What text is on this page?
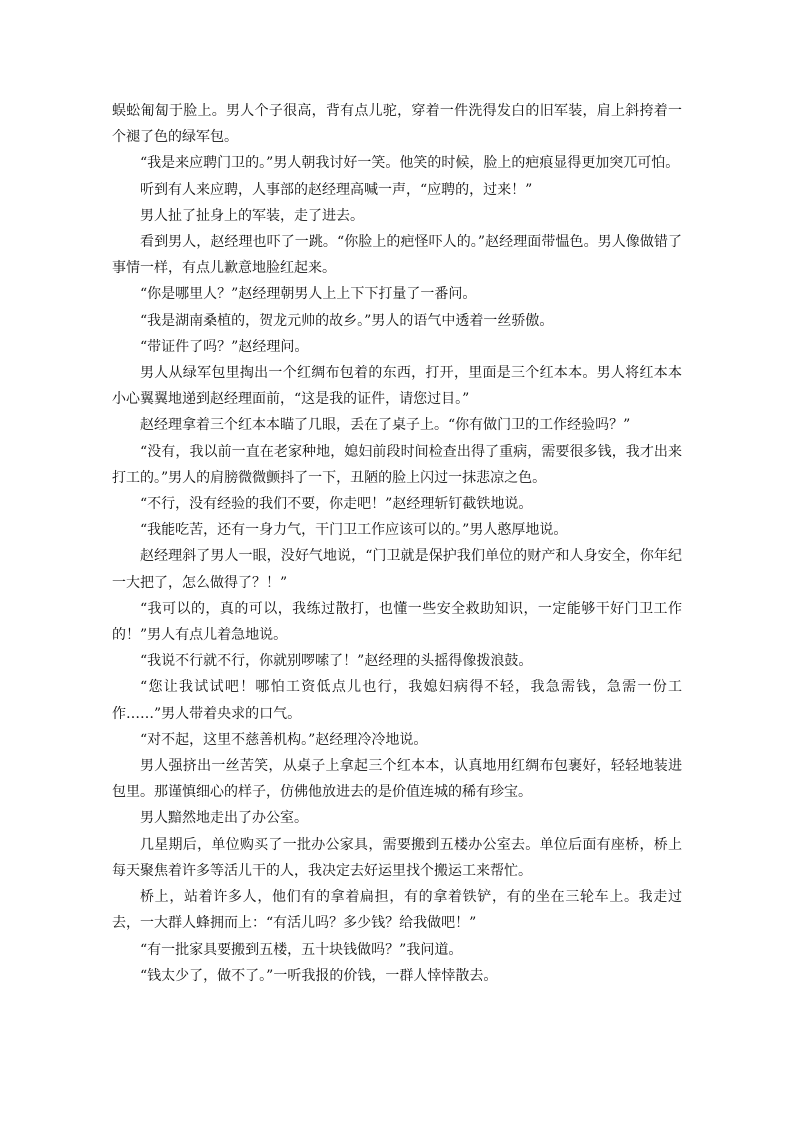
蜈蚣匍匐于脸上。男人个子很高，背有点儿驼，穿着一件洗得发白的旧军装，肩上斜挎着一个褪了色的绿军包。

“我是来应聘门卫的。”男人朝我讨好一笑。他笑的时候，脸上的疤痕显得更加突兀可怕。

听到有人来应聘，人事部的赵经理高喊一声，“应聘的，过来！”

男人扯了扯身上的军装，走了进去。

看到男人，赵经理也吓了一跳。“你脸上的疤怪吓人的。”赵经理面带愠色。男人像做错了事情一样，有点儿歉意地脸红起来。

“你是哪里人？”赵经理朝男人上上下下打量了一番问。

“我是湖南桑植的，贺龙元帅的故乡。”男人的语气中透着一丝骄傲。

“带证件了吗？”赵经理问。

男人从绿军包里掏出一个红绸布包着的东西，打开，里面是三个红本本。男人将红本本小心翼翼地递到赵经理面前，“这是我的证件，请您过目。”

赵经理拿着三个红本本瞄了几眼，丢在了桌子上。“你有做门卫的工作经验吗？”

“没有，我以前一直在老家种地，媳妇前段时间检查出得了重病，需要很多钱，我才出来打工的。”男人的肩膀微微颤抖了一下，丑陋的脸上闪过一抹悲凉之色。

“不行，没有经验的我们不要，你走吧！”赵经理斩钉截铁地说。

“我能吃苦，还有一身力气，干门卫工作应该可以的。”男人憨厚地说。

赵经理斜了男人一眼，没好气地说，“门卫就是保护我们单位的财产和人身安全，你年纪一大把了，怎么做得了？！”

“我可以的，真的可以，我练过散打，也懂一些安全救助知识，一定能够干好门卫工作的！”男人有点儿着急地说。

“我说不行就不行，你就别啰嗦了！”赵经理的头摇得像拨浪鼓。

“您让我试试吧！哪怕工资低点儿也行，我媳妇病得不轻，我急需钱，急需一份工作……”男人带着央求的口气。

“对不起，这里不慈善机构。”赵经理冷冷地说。

男人强挤出一丝苦笑，从桌子上拿起三个红本本，认真地用红绸布包裹好，轻轻地装进包里。那谨慎细心的样子，仿佛他放进去的是价值连城的稀有珍宝。

男人黯然地走出了办公室。

几星期后，单位购买了一批办公家具，需要搬到五楼办公室去。单位后面有座桥，桥上每天聚焦着许多等活儿干的人，我决定去好运里找个搬运工来帮忙。

桥上，站着许多人，他们有的拿着扁担，有的拿着铁铲，有的坐在三轮车上。我走过去，一大群人蜂拥而上：“有活儿吗？多少钱？给我做吧！”

“有一批家具要搬到五楼，五十块钱做吗？”我问道。

“钱太少了，做不了。”一听我报的价钱，一群人悻悻散去。
